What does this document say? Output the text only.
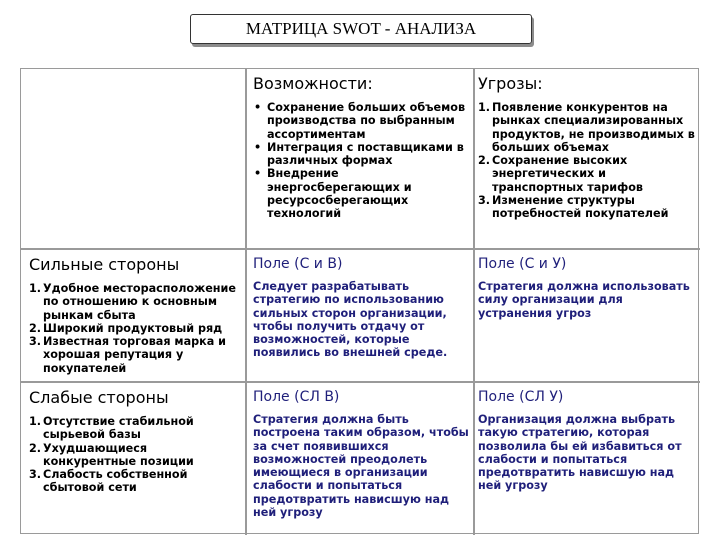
МАТРИЦА SWOT - АНАЛИЗА
Возможности:
• Сохранение больших объемов производства по выбранным ассортиментам
• Интеграция с поставщиками в различных формах
• Внедрение энергосберегающих и ресурсосберегающих технологий
Угрозы:
1. Появление конкурентов на рынках специализированных продуктов, не производимых в больших объемах
2. Сохранение высоких энергетических и транспортных тарифов
3. Изменение структуры потребностей покупателей
Сильные стороны
1. Удобное месторасположение по отношению к основным рынкам сбыта
2. Широкий продуктовый ряд
3. Известная торговая марка и хорошая репутация у покупателей
Поле (С и В)
Следует разрабатывать стратегию по использованию сильных сторон организации, чтобы получить отдачу от возможностей, которые появились во внешней среде.
Поле (С и У)
Стратегия должна использовать силу организации для устранения угроз
Слабые стороны
1. Отсутствие стабильной сырьевой базы
2. Ухудшающиеся конкурентные позиции
3. Слабость собственной сбытовой сети
Поле (СЛ В)
Стратегия должна быть построена таким образом, чтобы за счет появившихся возможностей преодолеть имеющиеся в организации слабости и попытаться предотвратить нависшую над ней угрозу
Поле (СЛ У)
Организация должна выбрать такую стратегию, которая позволила бы ей избавиться от слабости и попытаться предотвратить нависшую над ней угрозу
